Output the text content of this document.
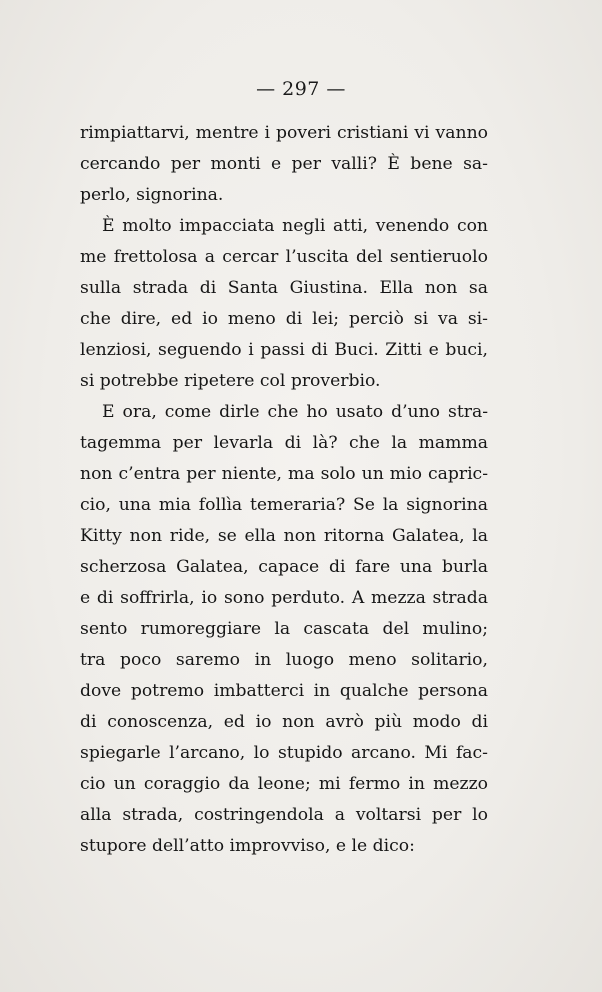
— 297 —
rimpiattarvi, mentre i poveri cristiani vi vanno
cercando per monti e per valli? È bene sa-
perlo, signorina.
È molto impacciata negli atti, venendo con
me frettolosa a cercar l’uscita del sentieruolo
sulla strada di Santa Giustina. Ella non sa
che dire, ed io meno di lei; perciò si va si-
lenziosi, seguendo i passi di Buci. Zitti e buci,
si potrebbe ripetere col proverbio.
E ora, come dirle che ho usato d’uno stra-
tagemma per levarla di là? che la mamma
non c’entra per niente, ma solo un mio capric-
cio, una mia follìa temeraria? Se la signorina
Kitty non ride, se ella non ritorna Galatea, la
scherzosa Galatea, capace di fare una burla
e di soffrirla, io sono perduto. A mezza strada
sento rumoreggiare la cascata del mulino;
tra poco saremo in luogo meno solitario,
dove potremo imbatterci in qualche persona
di conoscenza, ed io non avrò più modo di
spiegarle l’arcano, lo stupido arcano. Mi fac-
cio un coraggio da leone; mi fermo in mezzo
alla strada, costringendola a voltarsi per lo
stupore dell’atto improvviso, e le dico:
